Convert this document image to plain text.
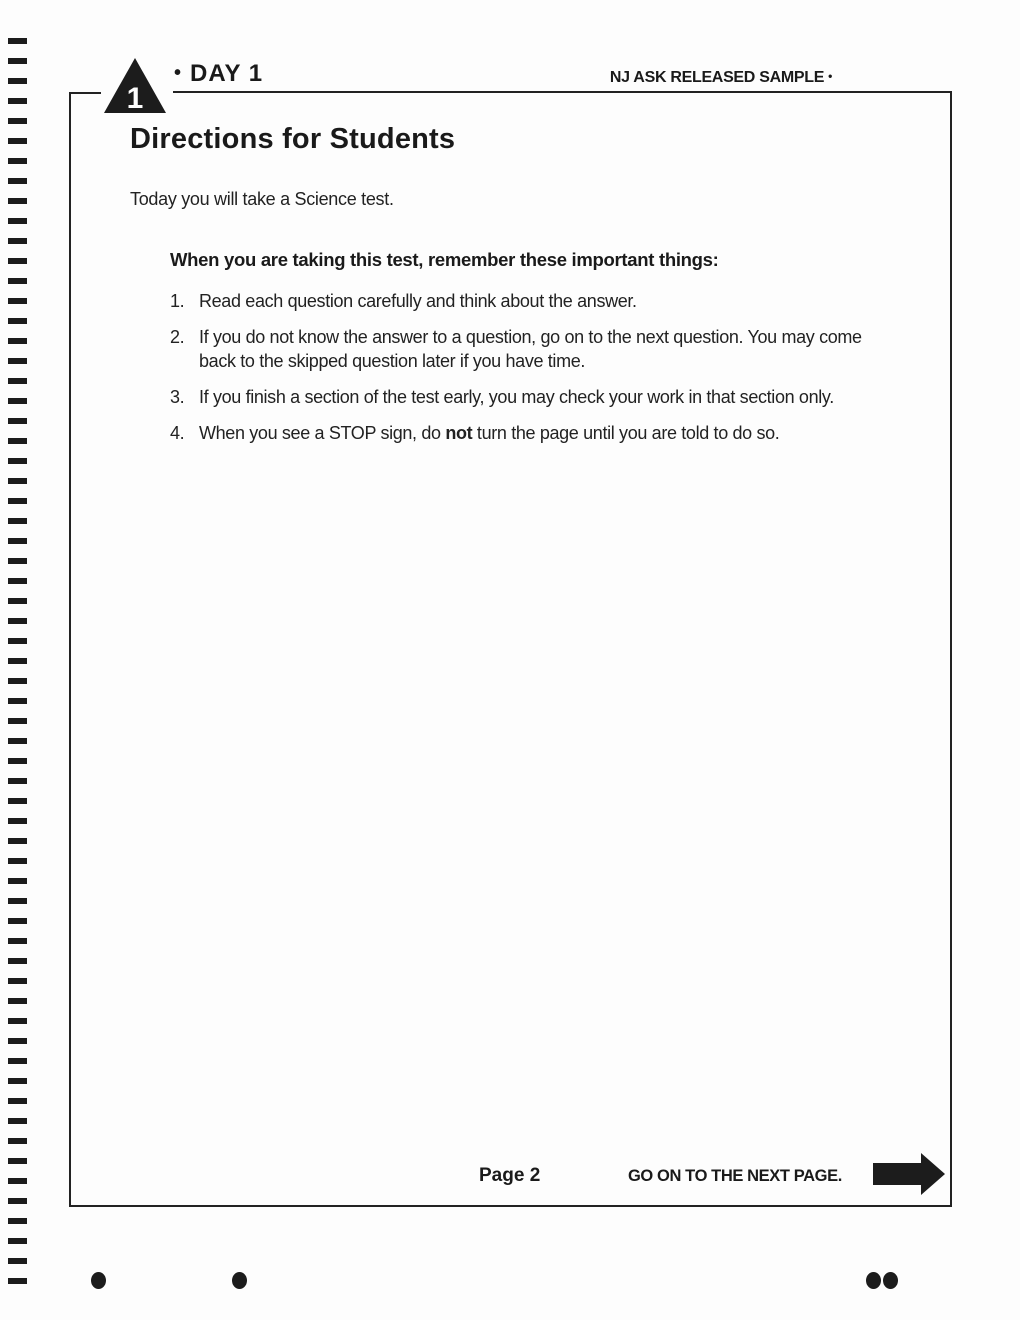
1
• DAY 1	NJ ASK RELEASED SAMPLE •
Directions for Students
Today you will take a Science test.
When you are taking this test, remember these important things:
1. Read each question carefully and think about the answer.
2. If you do not know the answer to a question, go on to the next question. You may come back to the skipped question later if you have time.
3. If you finish a section of the test early, you may check your work in that section only.
4. When you see a STOP sign, do not turn the page until you are told to do so.
Page 2	GO ON TO THE NEXT PAGE.
